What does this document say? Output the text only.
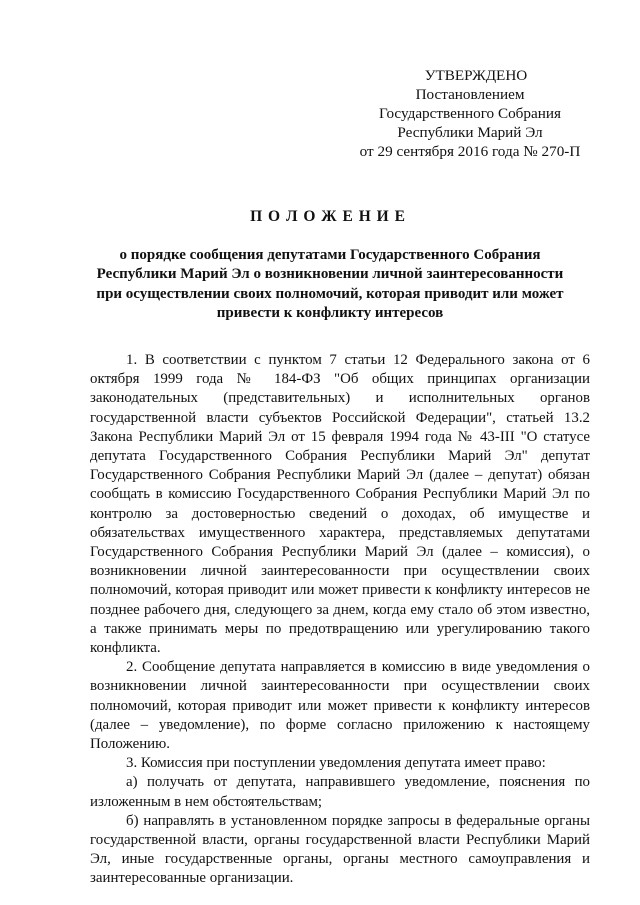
УТВЕРЖДЕНО
Постановлением
Государственного Собрания
Республики Марий Эл
от 29 сентября 2016 года № 270-П
П О Л О Ж Е Н И Е
о порядке сообщения депутатами Государственного Собрания Республики Марий Эл о возникновении личной заинтересованности при осуществлении своих полномочий, которая приводит или может привести к конфликту интересов

1. В соответствии с пунктом 7 статьи 12 Федерального закона от 6 октября 1999 года № 184-ФЗ "Об общих принципах организации законодательных (представительных) и исполнительных органов государственной власти субъектов Российской Федерации", статьей 13.2 Закона Республики Марий Эл от 15 февраля 1994 года № 43-III "О статусе депутата Государственного Собрания Республики Марий Эл" депутат Государственного Собрания Республики Марий Эл (далее – депутат) обязан сообщать в комиссию Государственного Собрания Республики Марий Эл по контролю за достоверностью сведений о доходах, об имуществе и обязательствах имущественного характера, представляемых депутатами Государственного Собрания Республики Марий Эл (далее – комиссия), о возникновении личной заинтересованности при осуществлении своих полномочий, которая приводит или может привести к конфликту интересов не позднее рабочего дня, следующего за днем, когда ему стало об этом известно, а также принимать меры по предотвращению или урегулированию такого конфликта.

2. Сообщение депутата направляется в комиссию в виде уведомления о возникновении личной заинтересованности при осуществлении своих полномочий, которая приводит или может привести к конфликту интересов (далее – уведомление), по форме согласно приложению к настоящему Положению.

3. Комиссия при поступлении уведомления депутата имеет право:

а) получать от депутата, направившего уведомление, пояснения по изложенным в нем обстоятельствам;

б) направлять в установленном порядке запросы в федеральные органы государственной власти, органы государственной власти Республики Марий Эл, иные государственные органы, органы местного самоуправления и заинтересованные организации.
